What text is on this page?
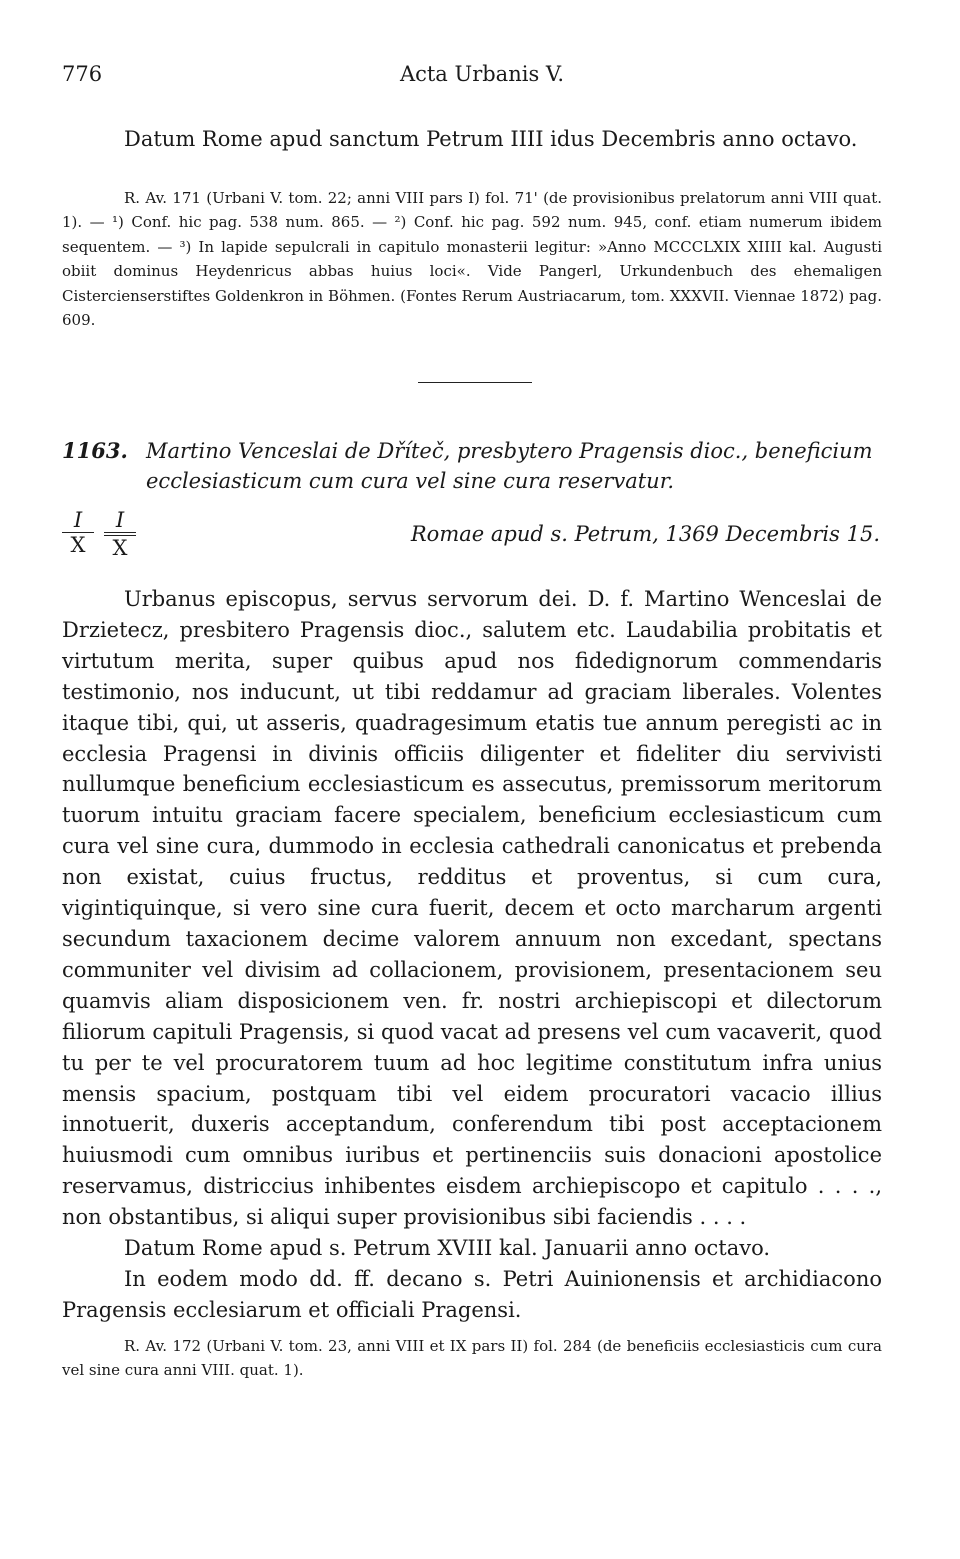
776	Acta Urbanis V.
Datum Rome apud sanctum Petrum IIII idus Decembris anno octavo.

R. Av. 171 (Urbani V. tom. 22; anni VIII pars I) fol. 71' (de provisionibus prelatorum anni VIII quat. 1). — ¹) Conf. hic pag. 538 num. 865. — ²) Conf. hic pag. 592 num. 945, conf. etiam numerum ibidem sequentem. — ³) In lapide sepulcrali in capitulo monasterii legitur: »Anno MCCCLXIX XIIII kal. Augusti obiit dominus Heydenricus abbas huius loci«. Vide Pangerl, Urkundenbuch des ehemaligen Cistercienserstiftes Goldenkron in Böhmen. (Fontes Rerum Austriacarum, tom. XXXVII. Viennae 1872) pag. 609.

1163. Martino Venceslai de Dříteč, presbytero Pragensis dioc., beneficium ecclesiasticum cum cura vel sine cura reservatur.
I
X
I
X
Romae apud s. Petrum, 1369 Decembris 15.

Urbanus episcopus, servus servorum dei. D. f. Martino Wenceslai de Drzietecz, presbitero Pragensis dioc., salutem etc. Laudabilia probitatis et virtutum merita, super quibus apud nos fidedignorum commendaris testimonio, nos inducunt, ut tibi reddamur ad graciam liberales. Volentes itaque tibi, qui, ut asseris, quadragesimum etatis tue annum peregisti ac in ecclesia Pragensi in divinis officiis diligenter et fideliter diu servivisti nullumque beneficium ecclesiasticum es assecutus, premissorum meritorum tuorum intuitu graciam facere specialem, beneficium ecclesiasticum cum cura vel sine cura, dummodo in ecclesia cathedrali canonicatus et prebenda non existat, cuius fructus, redditus et proventus, si cum cura, vigintiquinque, si vero sine cura fuerit, decem et octo marcharum argenti secundum taxacionem decime valorem annuum non excedant, spectans communiter vel divisim ad collacionem, provisionem, presentacionem seu quamvis aliam disposicionem ven. fr. nostri archiepiscopi et dilectorum filiorum capituli Pragensis, si quod vacat ad presens vel cum vacaverit, quod tu per te vel procuratorem tuum ad hoc legitime constitutum infra unius mensis spacium, postquam tibi vel eidem procuratori vacacio illius innotuerit, duxeris acceptandum, conferendum tibi post acceptacionem huiusmodi cum omnibus iuribus et pertinenciis suis donacioni apostolice reservamus, districcius inhibentes eisdem archiepiscopo et capitulo . . . ., non obstantibus, si aliqui super provisionibus sibi faciendis . . . .

Datum Rome apud s. Petrum XVIII kal. Januarii anno octavo.

In eodem modo dd. ff. decano s. Petri Auinionensis et archidiacono Pragensis ecclesiarum et officiali Pragensi.

R. Av. 172 (Urbani V. tom. 23, anni VIII et IX pars II) fol. 284 (de beneficiis ecclesiasticis cum cura vel sine cura anni VIII. quat. 1).
